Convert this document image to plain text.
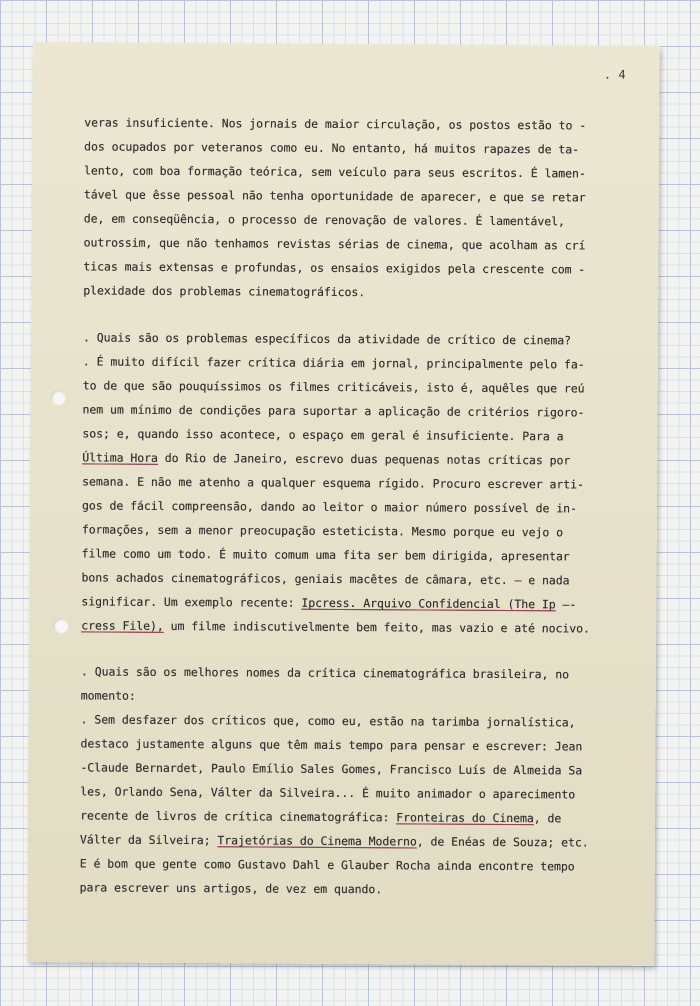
. 4
veras insuficiente. Nos jornais de maior circulação, os postos estão to -
dos ocupados por veteranos como eu. No entanto, há muitos rapazes de ta-
lento, com boa formação teórica, sem veículo para seus escritos. É lamen-
tável que êsse pessoal não tenha oportunidade de aparecer, e que se retar
de, em conseqüência, o processo de renovação de valores. É lamentável,
outrossim, que não tenhamos revistas sérias de cinema, que acolham as crí
ticas mais extensas e profundas, os ensaios exigidos pela crescente com -
plexidade dos problemas cinematográficos.
. Quais são os problemas específicos da atividade de crítico de cinema?
. É muito difícil fazer crítica diária em jornal, principalmente pelo fa-
to de que são pouquíssimos os filmes criticáveis, isto é, aquêles que reú
nem um mínimo de condições para suportar a aplicação de critérios rigoro-
sos; e, quando isso acontece, o espaço em geral é insuficiente. Para a
Última Hora do Rio de Janeiro, escrevo duas pequenas notas críticas por
semana. E não me atenho a qualquer esquema rígido. Procuro escrever arti-
gos de fácil compreensão, dando ao leitor o maior número possível de in-
formações, sem a menor preocupação esteticista. Mesmo porque eu vejo o
filme como um todo. É muito comum uma fita ser bem dirigida, apresentar
bons achados cinematográficos, geniais macêtes de câmara, etc. — e nada
significar. Um exemplo recente: Ipcress. Arquivo Confidencial (The Ip —-
cress File), um filme indiscutivelmente bem feito, mas vazio e até nocivo.
. Quais são os melhores nomes da crítica cinematográfica brasileira, no
momento:
. Sem desfazer dos críticos que, como eu, estão na tarimba jornalística,
destaco justamente alguns que têm mais tempo para pensar e escrever: Jean
-Claude Bernardet, Paulo Emílio Sales Gomes, Francisco Luís de Almeida Sa
les, Orlando Sena, Válter da Silveira... É muito animador o aparecimento
recente de livros de crítica cinematográfica: Fronteiras do Cinema, de
Válter da Silveira; Trajetórias do Cinema Moderno, de Enéas de Souza; etc.
E é bom que gente como Gustavo Dahl e Glauber Rocha ainda encontre tempo
para escrever uns artigos, de vez em quando.
